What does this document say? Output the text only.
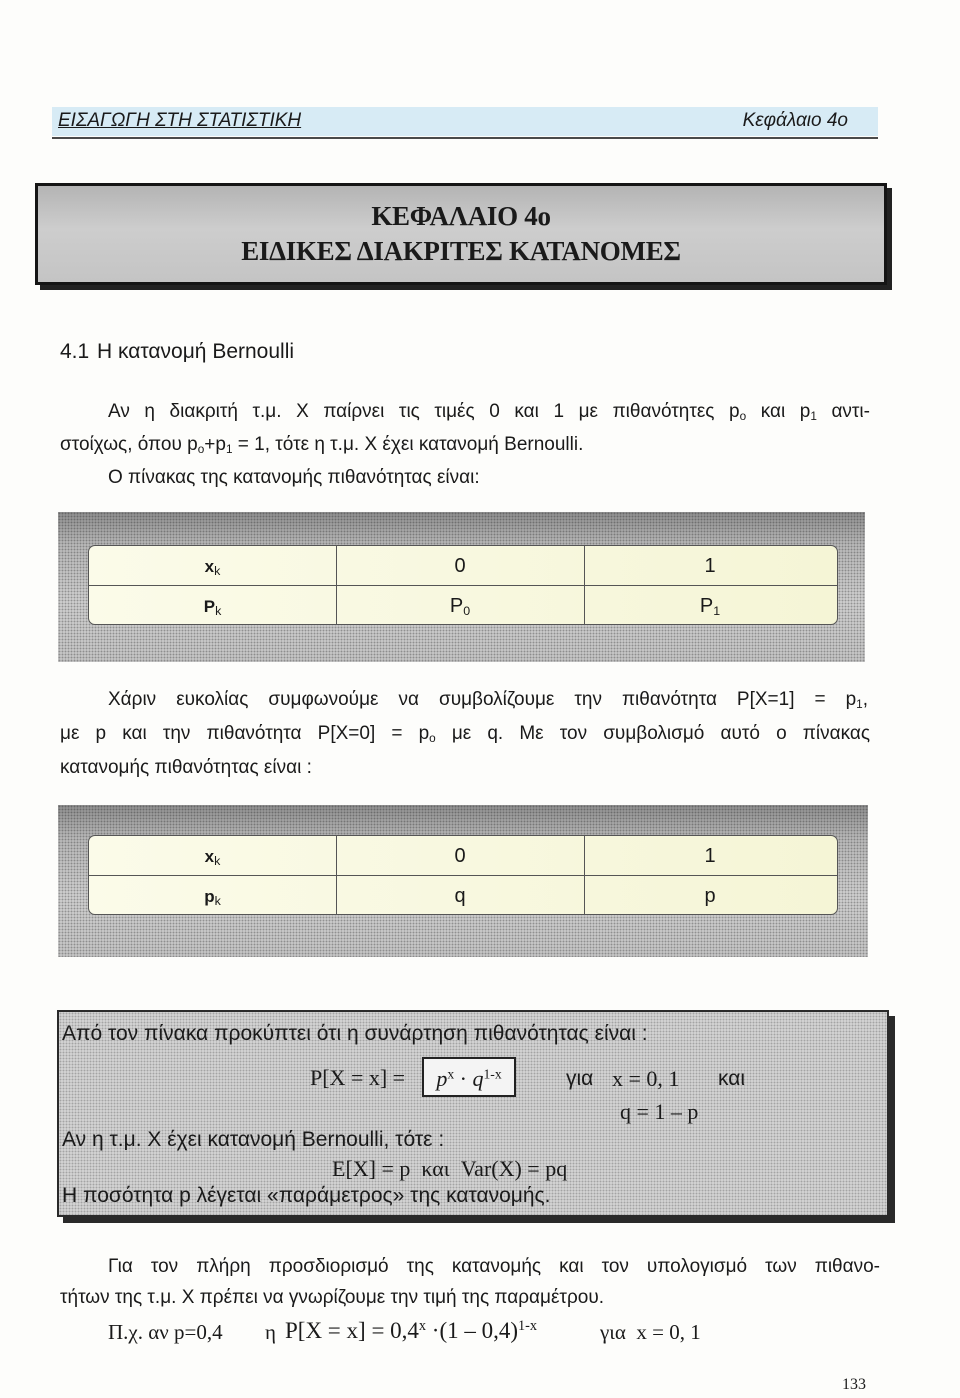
ΕΙΣΑΓΩΓΗ ΣΤΗ ΣΤΑΤΙΣΤΙΚΗ	Κεφάλαιο 4ο
ΚΕΦΑΛΑΙΟ 4ο
ΕΙΔΙΚΕΣ ΔΙΑΚΡΙΤΕΣ ΚΑΤΑΝΟΜΕΣ
4.1 Η κατανομή Bernoulli
Αν η διακριτή τ.μ. Χ παίρνει τις τιμές 0 και 1 με πιθανότητες $p_o$ και $p_1$ αντι-
στοίχως, όπου $p_o+p_1 = 1$, τότε η τ.μ. Χ έχει κατανομή Bernoulli.
Ο πίνακας της κατανομής πιθανότητας είναι:
$x_k$	0	1
$P_k$	$P_0$	$P_1$
Χάριν ευκολίας συμφωνούμε να συμβολίζουμε την πιθανότητα $P[X=1] = p_1$,
με p και την πιθανότητα $P[X=0] = p_o$ με q. Με τον συμβολισμό αυτό ο πίνακας
κατανομής πιθανότητας είναι :
$x_k$	0	1
$p_k$	q	p
Από τον πίνακα προκύπτει ότι η συνάρτηση πιθανότητας είναι :
P[X = x] =	$p^x \cdot q^{1-x}$	για x = 0, 1 και
q = 1 – p
Αν η τ.μ. Χ έχει κατανομή Bernoulli, τότε :
E[X] = p  και  Var(X) = pq
Η ποσότητα p λέγεται «παράμετρος» της κατανομής.
Για τον πλήρη προσδιορισμό της κατανομής και τον υπολογισμό των πιθανο-
τήτων της τ.μ. Χ πρέπει να γνωρίζουμε την τιμή της παραμέτρου.
Π.χ. αν p=0,4 η $P[X = x] = 0,4^x \cdot(1 - 0,4)^{1-x}$	για  x = 0, 1
133
